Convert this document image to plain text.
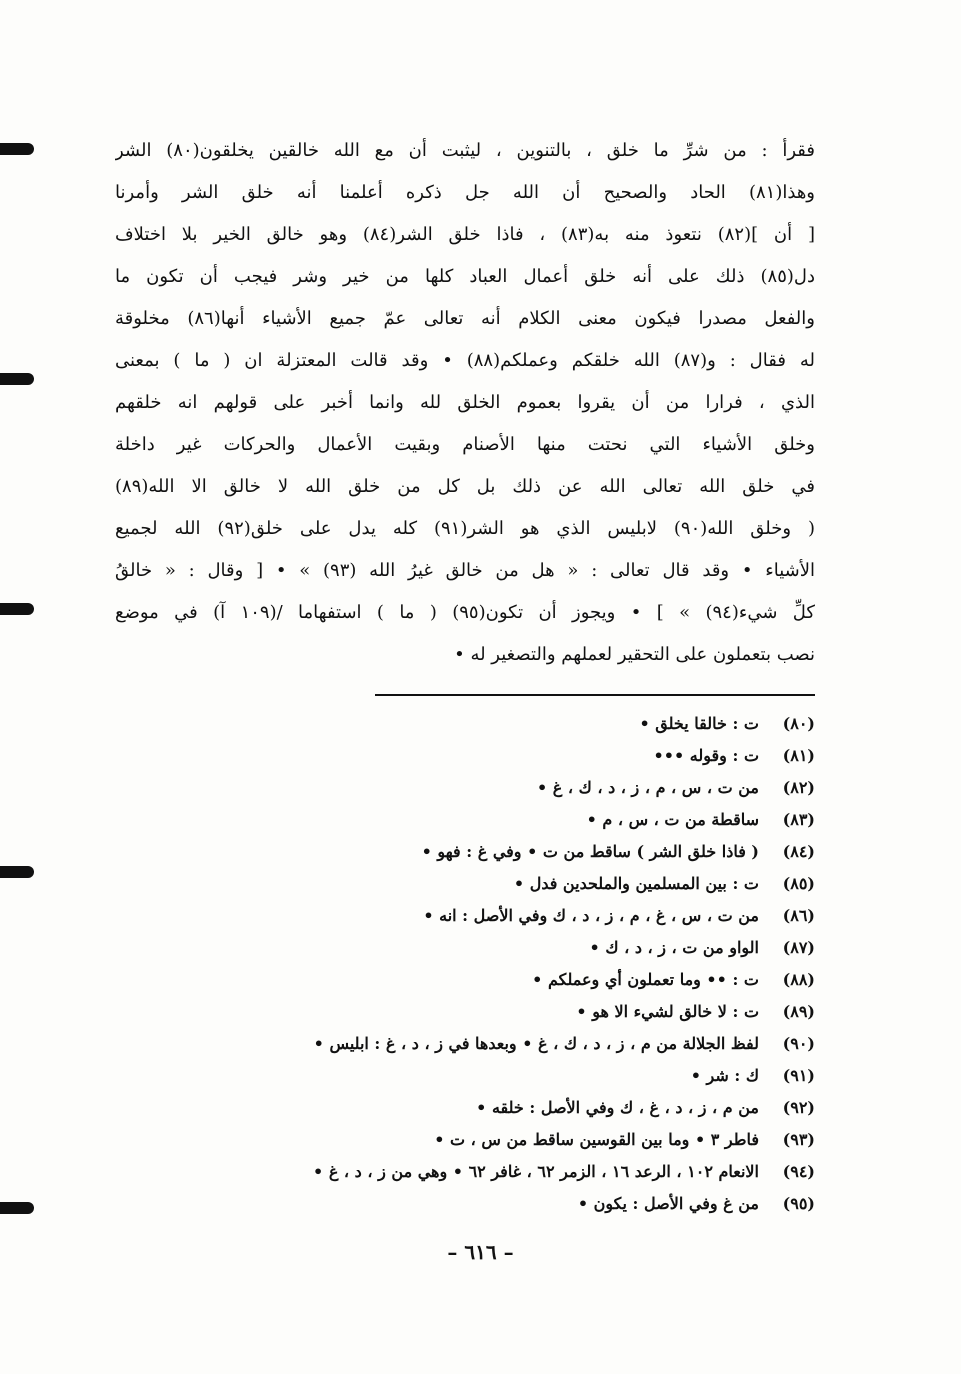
فقرأ : من شرِّ ما خلق ، بالتنوين ، ليثبت أن مع الله خالقين يخلقون(٨٠) الشر
وهذا(٨١) الحاد والصحيح أن الله جل ذكره أعلمنا أنه خلق الشر وأمرنا
[ أن ](٨٢) نتعوذ منه به(٨٣) ، فاذا خلق الشر(٨٤) وهو خالق الخير بلا اختلاف
دل(٨٥) ذلك على أنه خلق أعمال العباد كلها من خير وشر فيجب أن تكون ما
والفعل مصدرا فيكون معنى الكلام أنه تعالى عمّ جميع الأشياء أنها(٨٦) مخلوقة
له فقال : و(٨٧) الله خلقكم وعملكم(٨٨) • وقد قالت المعتزلة ان ( ما ) بمعنى
الذي ، فرارا من أن يقروا بعموم الخلق لله وانما أخبر على قولهم انه خلقهم
وخلق الأشياء التي نحتت منها الأصنام وبقيت الأعمال والحركات غير داخلة
في خلق الله تعالى الله عن ذلك بل كل من خلق الله لا خالق الا الله(٨٩)
( وخلق الله(٩٠) لابليس الذي هو الشر(٩١) كله يدل على خلق(٩٢) الله لجميع
الأشياء • وقد قال تعالى : « هل من خالق غيرُ الله (٩٣) » • [ وقال : « خالقُ
كلِّ شيء(٩٤) » ] • ويجوز أن تكون(٩٥) ( ما ) استفهاما /(١٠٩ آ) في موضع
نصب بتعملون على التحقير لعملهم والتصغير له •
(٨٠)ت : خالقا يخلق •
(٨١)ت : وقوله •••
(٨٢)من ت ، س ، م ، ز ، د ، ك ، غ •
(٨٣)ساقطة من ت ، س ، م •
(٨٤)( فاذا خلق الشر ) ساقط من ت • وفي غ : فهو •
(٨٥)ت : بين المسلمين والملحدين فدل •
(٨٦)من ت ، س ، غ ، م ، ز ، د ، ك وفي الأصل : انه •
(٨٧)الواو من ت ، ز ، د ، ك •
(٨٨)ت : •• وما تعملون أي وعملكم •
(٨٩)ت : لا خالق لشيء الا هو •
(٩٠)لفظ الجلالة من م ، ز ، د ، ك ، غ • وبعدها في ز ، د ، غ : ابليس •
(٩١)ك : شر •
(٩٢)من م ، ز ، د ، غ ، ك وفي الأصل : خلقه •
(٩٣)فاطر ٣ • وما بين القوسين ساقط من س ، ت •
(٩٤)الانعام ١٠٢ ، الرعد ١٦ ، الزمر ٦٢ ، غافر ٦٢ • وهي من ز ، د ، غ •
(٩٥)من غ وفي الأصل : يكون •
– ٦١٦ –
